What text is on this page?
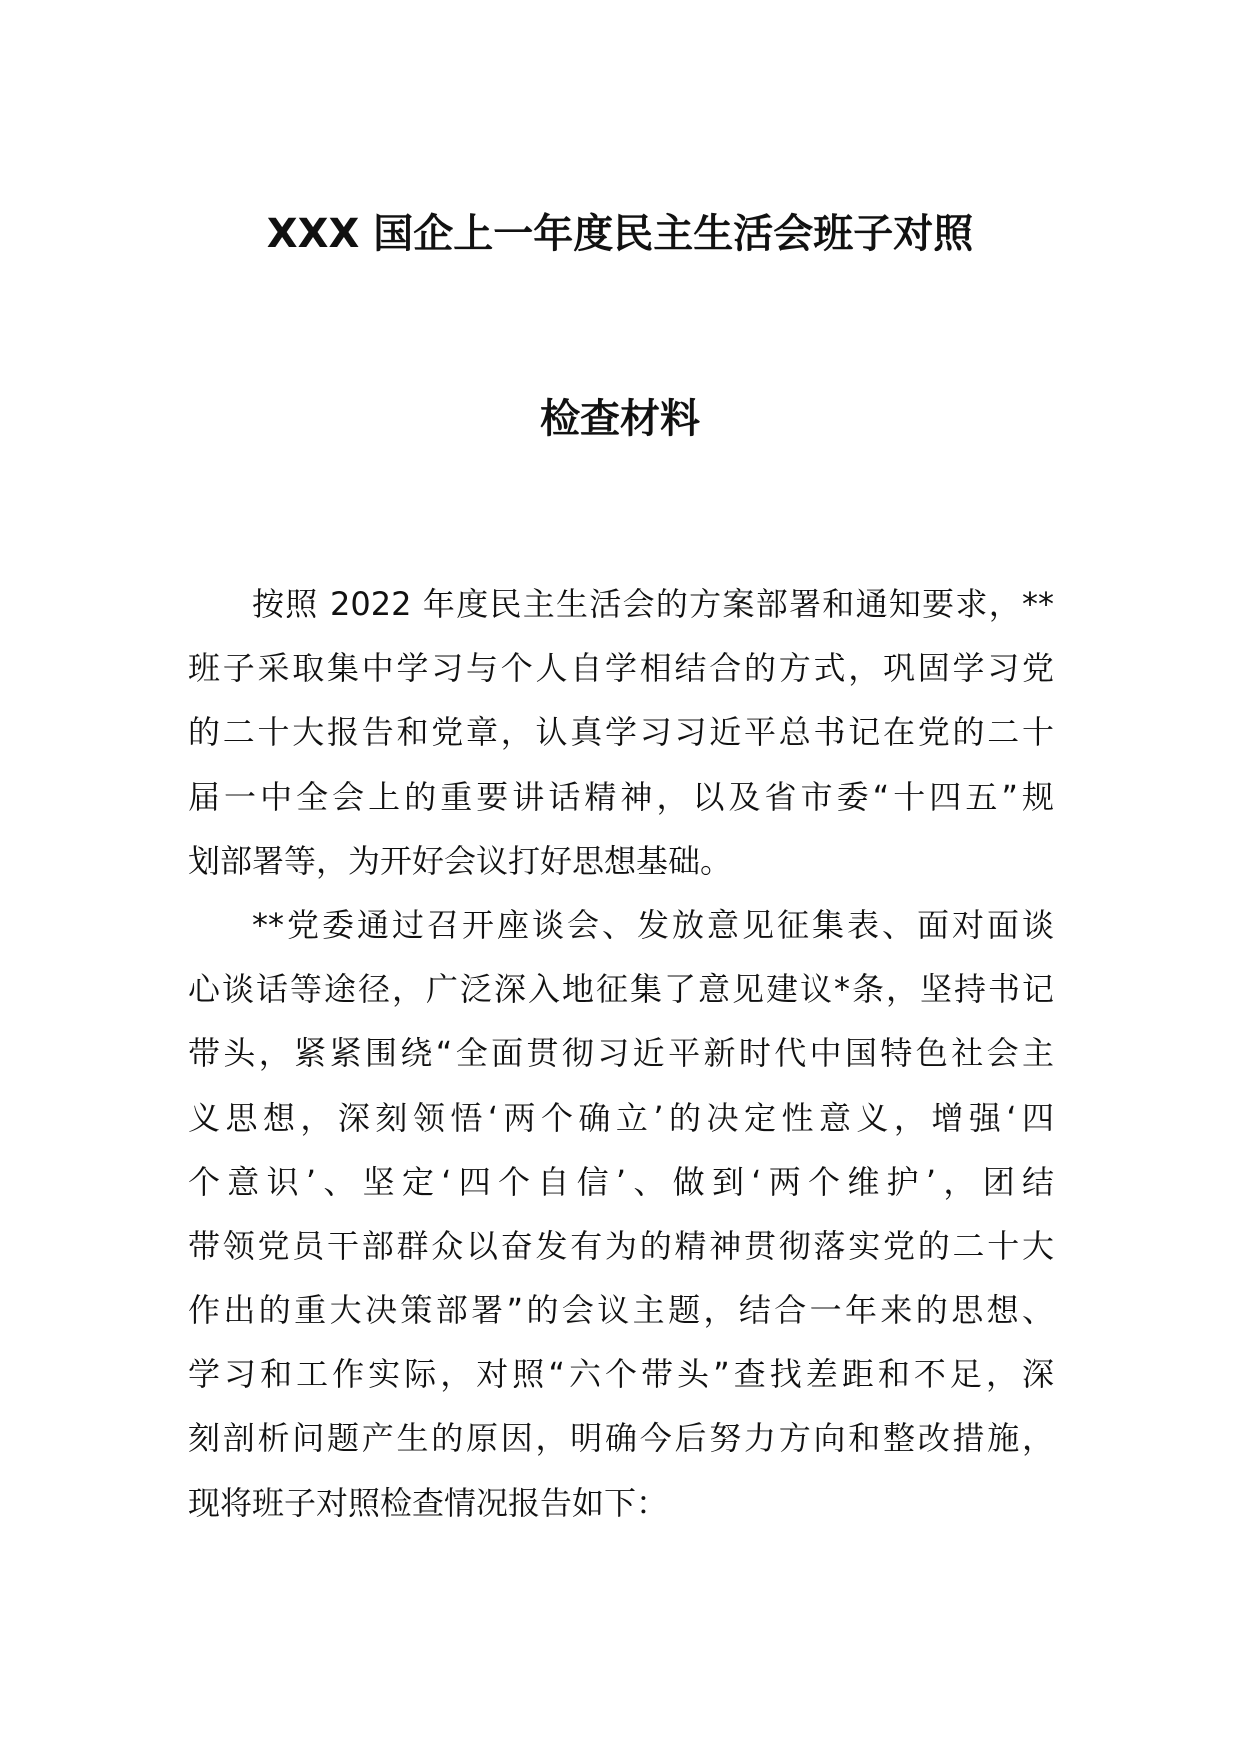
XXX 国企上一年度民主生活会班子对照
检查材料
按照 2022 年度民主生活会的方案部署和通知要求，**
班子采取集中学习与个人自学相结合的方式，巩固学习党
的二十大报告和党章，认真学习习近平总书记在党的二十
届一中全会上的重要讲话精神，以及省市委“十四五”规
划部署等，为开好会议打好思想基础。
**党委通过召开座谈会、发放意见征集表、面对面谈
心谈话等途径，广泛深入地征集了意见建议*条，坚持书记
带头，紧紧围绕“全面贯彻习近平新时代中国特色社会主
义思想，深刻领悟‘两个确立’的决定性意义，增强‘四
个意识’、坚定‘四个自信’、做到‘两个维护’，团结
带领党员干部群众以奋发有为的精神贯彻落实党的二十大
作出的重大决策部署”的会议主题，结合一年来的思想、
学习和工作实际，对照“六个带头”查找差距和不足，深
刻剖析问题产生的原因，明确今后努力方向和整改措施，
现将班子对照检查情况报告如下：
